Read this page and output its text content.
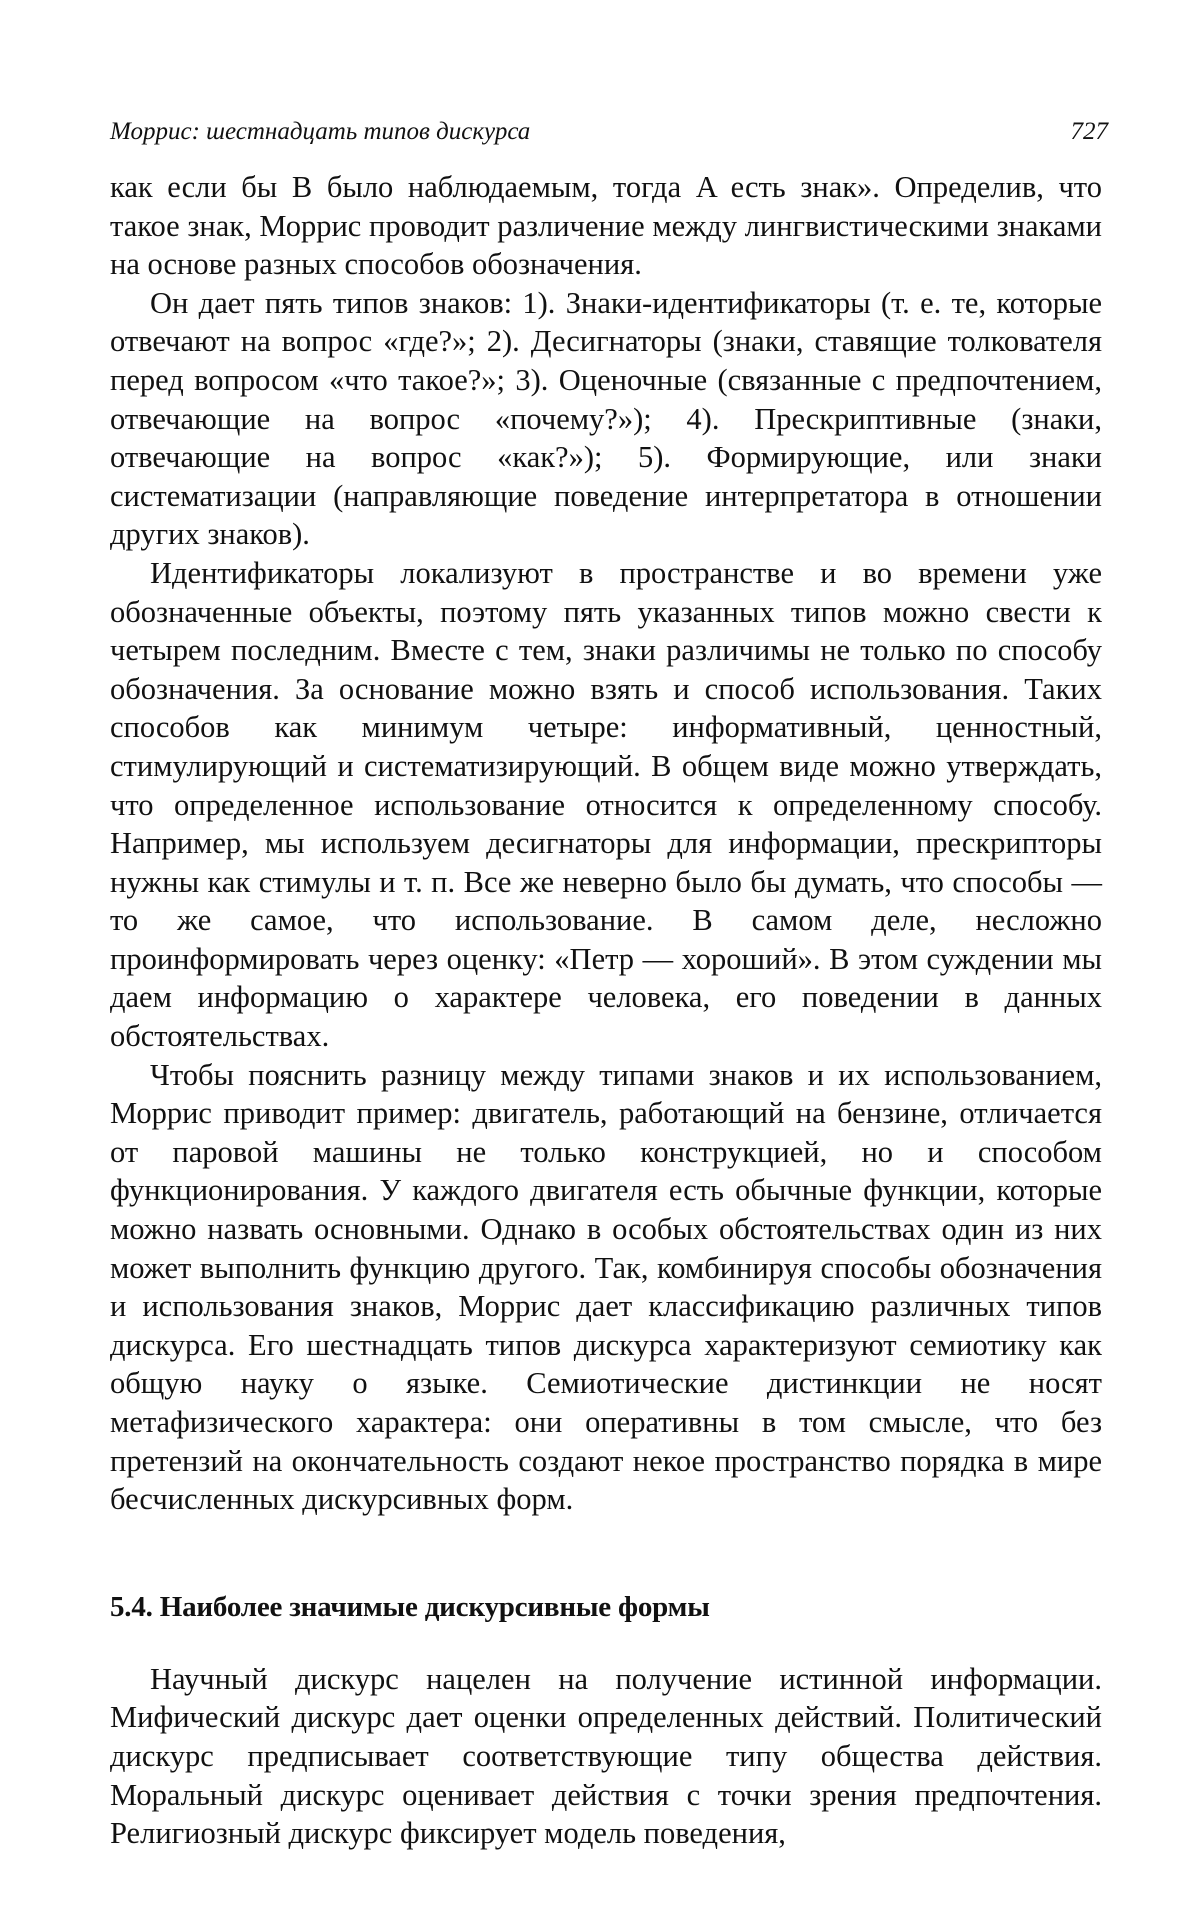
Моррис: шестнадцать типов дискурса	727

как если бы B было наблюдаемым, тогда A есть знак». Определив, что такое знак, Моррис проводит различение между лингвистическими знаками на основе разных способов обозначения.

Он дает пять типов знаков: 1). Знаки-идентификаторы (т. е. те, которые отвечают на вопрос «где?»; 2). Десигнаторы (знаки, ставящие толкователя перед вопросом «что такое?»; 3). Оценочные (связанные с предпочтением, отвечающие на вопрос «почему?»); 4). Прескриптивные (знаки, отвечающие на вопрос «как?»); 5). Формирующие, или знаки систематизации (направляющие поведение интерпретатора в отношении других знаков).

Идентификаторы локализуют в пространстве и во времени уже обозначенные объекты, поэтому пять указанных типов можно свести к четырем последним. Вместе с тем, знаки различимы не только по способу обозначения. За основание можно взять и способ использования. Таких способов как минимум четыре: информативный, ценностный, стимулирующий и систематизирующий. В общем виде можно утверждать, что определенное использование относится к определенному способу. Например, мы используем десигнаторы для информации, прескрипторы нужны как стимулы и т. п. Все же неверно было бы думать, что способы — то же самое, что использование. В самом деле, несложно проинформировать через оценку: «Петр — хороший». В этом суждении мы даем информацию о характере человека, его поведении в данных обстоятельствах.

Чтобы пояснить разницу между типами знаков и их использованием, Моррис приводит пример: двигатель, работающий на бензине, отличается от паровой машины не только конструкцией, но и способом функционирования. У каждого двигателя есть обычные функции, которые можно назвать основными. Однако в особых обстоятельствах один из них может выполнить функцию другого. Так, комбинируя способы обозначения и использования знаков, Моррис дает классификацию различных типов дискурса. Его шестнадцать типов дискурса характеризуют семиотику как общую науку о языке. Семиотические дистинкции не носят метафизического характера: они оперативны в том смысле, что без претензий на окончательность создают некое пространство порядка в мире бесчисленных дискурсивных форм.

5.4. Наиболее значимые дискурсивные формы

Научный дискурс нацелен на получение истинной информации. Мифический дискурс дает оценки определенных действий. Политический дискурс предписывает соответствующие типу общества действия. Моральный дискурс оценивает действия с точки зрения предпочтения. Религиозный дискурс фиксирует модель поведения,
